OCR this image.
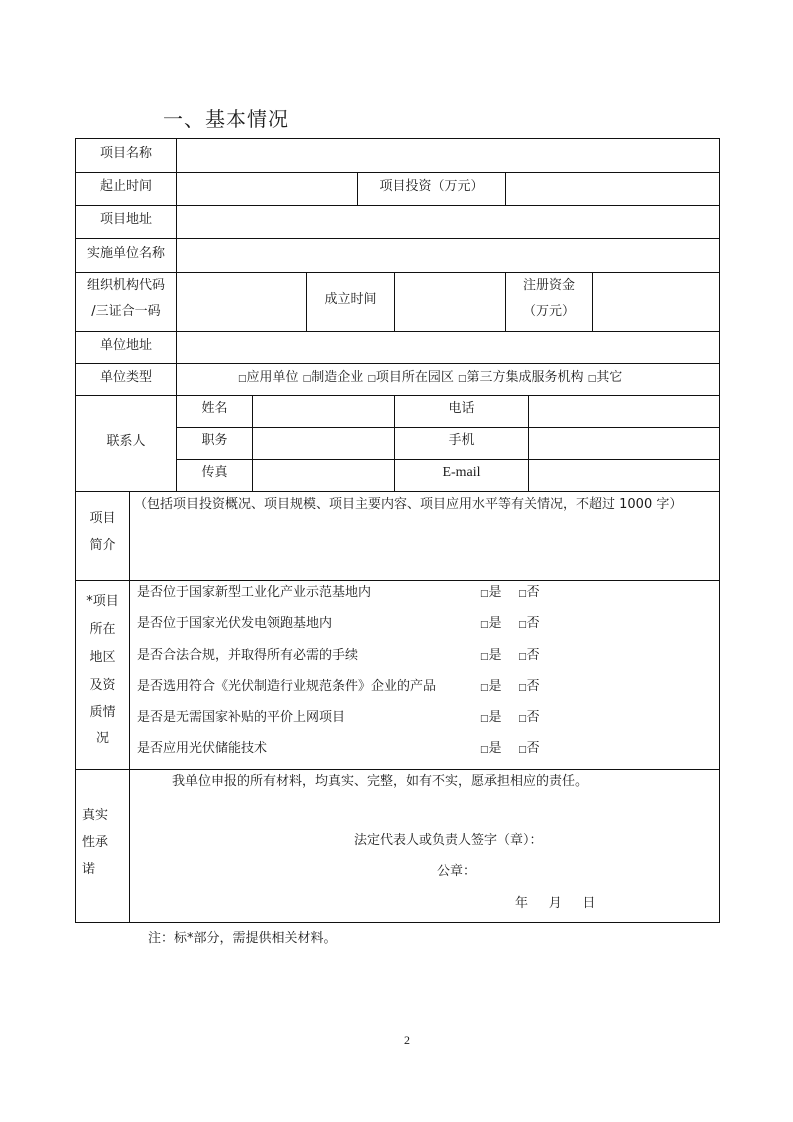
一、基本情况
项目名称
起止时间	项目投资（万元）
项目地址
实施单位名称
组织机构代码
/三证合一码
成立时间
注册资金
（万元）
单位地址
单位类型	□应用单位 □制造企业 □项目所在园区 □第三方集成服务机构 □其它
联系人
姓名
职务
传真
电话
手机
E-mail
项目
简介
（包括项目投资概况、项目规模、项目主要内容、项目应用水平等有关情况，不超过 1000 字）
*项目
所在
地区
及资
质情
况
是否位于国家新型工业化产业示范基地内
是否位于国家光伏发电领跑基地内
是否合法合规，并取得所有必需的手续
是否选用符合《光伏制造行业规范条件》企业的产品
是否是无需国家补贴的平价上网项目
是否应用光伏储能技术
□是 □否
□是 □否
□是 □否
□是 □否
□是 □否
□是 □否
真实
性承
诺
我单位申报的所有材料，均真实、完整，如有不实，愿承担相应的责任。
法定代表人或负责人签字（章）：
公章：
年 月 日
注：标*部分，需提供相关材料。
2
